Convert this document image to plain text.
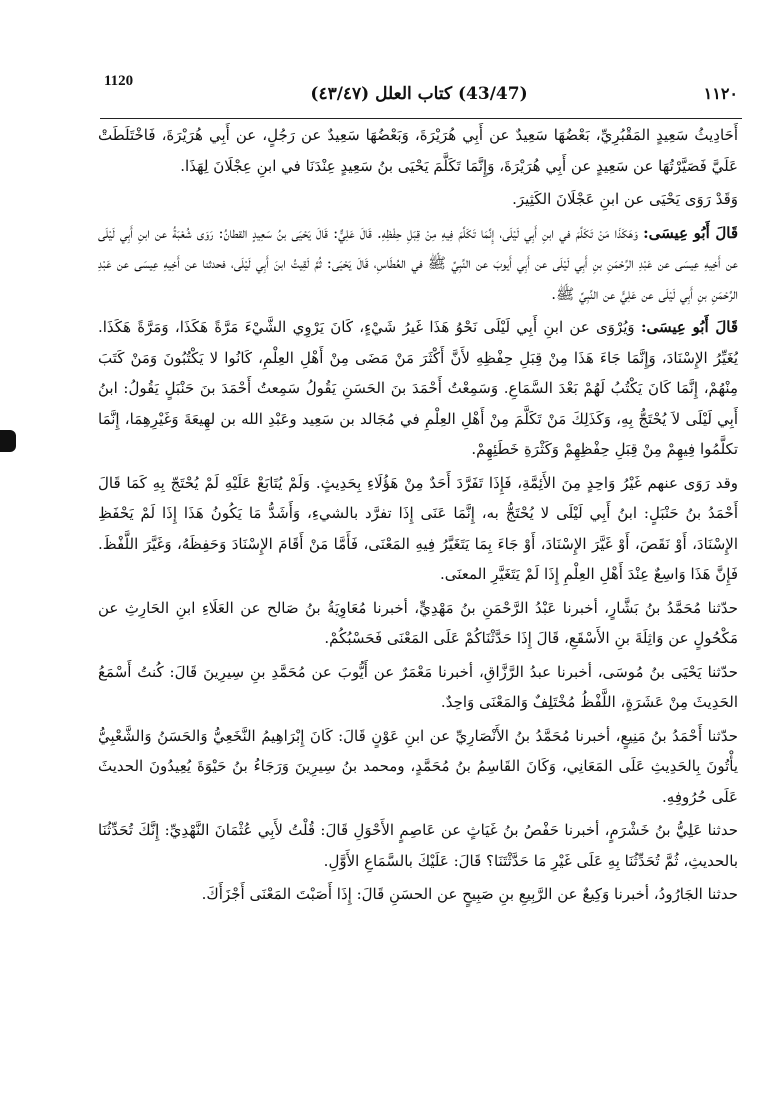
1120
(43/47) كتاب العلل (٤٣/٤٧)	١١٢٠

أَحَادِيثُ سَعِيدٍ المَقْبُرِيِّ، بَعْضُهَا سَعِيدٌ عن أَبِي هُرَيْرَةَ، وَبَعْضُهَا سَعِيدٌ عن رَجُلٍ، عن أَبِي هُرَيْرَةَ، فَاخْتَلَطَتْ عَلَيَّ فَصَيَّرْتُهَا عن سَعِيدٍ عن أَبِي هُرَيْرَةَ، وَإِنَّمَا تَكَلَّمَ يَحْيَى بنُ سَعِيدٍ عِنْدَنَا في ابنِ عِجْلَانَ لِهَذَا.

وَقَدْ رَوَى يَحْيَى عن ابنِ عَجْلَانَ الكَثِيرَ.

قَالَ أَبُو عِيسَى: وَهَكَذَا مَنْ تَكَلَّمَ في ابنِ أَبِي لَيْلَى، إِنَّمَا تَكَلَّمَ فِيهِ مِنْ قِبَلِ حِفْظِهِ. قَالَ عَلِيٌّ: قَالَ يَحْيَى بنُ سَعِيدٍ القطانُ: رَوَى شُعْبَةُ عن ابنِ أَبِي لَيْلَى عن أَخِيهِ عِيسَى عن عَبْدِ الرَّحْمَنِ بنِ أَبِي لَيْلَى عن أَبِي أَيوبَ عن النَّبِيِّ ﷺ في العُطَاسِ، قَالَ يَحْيَى: ثُمَّ لَقِيتُ ابنَ أَبِي لَيْلَى، فحدثنا عن أَخِيهِ عِيسَى عن عَبْدِ الرَّحْمَنِ بنِ أَبِي لَيْلَى عن عَلِيٍّ عن النَّبِيِّ ﷺ.

قَالَ أَبُو عِيسَى: وَيُرْوَى عن ابنِ أَبِي لَيْلَى نَحْوُ هَذَا غَيرُ شَيْءٍ، كَانَ يَرْوِي الشَّيْءَ مَرَّةً هَكَذَا، وَمَرَّةً هَكَذَا. يُغَيِّرُ الإِسْنَادَ، وَإِنَّمَا جَاءَ هَذَا مِنْ قِبَلِ حِفْظِهِ لأَنَّ أَكْثَرَ مَنْ مَضَى مِنْ أَهْلِ العِلْمِ، كَانُوا لا يَكْتُبُونَ وَمَنْ كَتَبَ مِنْهُمْ، إِنَّمَا كَانَ يَكْتُبُ لَهُمْ بَعْدَ السَّمَاعِ. وَسَمِعْتُ أَحْمَدَ بنَ الحَسَنِ يَقُولُ سَمِعتُ أَحْمَدَ بنَ حَنْبَلٍ يَقُولُ: ابنُ أَبِي لَيْلَى لاَ يُحْتَجُّ بِهِ، وَكَذَلِكَ مَنْ تَكَلَّمَ مِنْ أَهْلِ العِلْمِ في مُجَالد بن سَعِيد وعَبْدِ الله بن لهِيعَةَ وَغَيْرِهِمَا، إِنَّمَا تكلَّمُوا فِيهِمْ مِنْ قِبَلِ حِفْظِهِمْ وَكَثْرَةِ خَطَئِهِمْ.

وقد رَوَى عنهم غَيْرُ وَاحِدٍ مِنَ الأَئِمَّةِ، فَإِذَا تَفَرَّدَ أَحَدٌ مِنْ هَؤُلَاءِ بِحَدِيثٍ. وَلَمْ يُتَابَعْ عَلَيْهِ لَمْ يُحْتَجّ بِهِ كَمَا قَالَ أَحْمَدُ بنُ حَنْبَلٍ: ابنُ أَبِي لَيْلَى لا يُحْتَجُّ به، إِنَّمَا عَنَى إِذَا تفرَّد بالشيءِ، وَأَشَدُّ مَا يَكُونُ هَذَا إِذَا لَمْ يَحْفَظِ الإِسْنَادَ، أَوْ نَقَصَ، أَوْ غَيَّرَ الإِسْنَادَ، أَوْ جَاءَ بِمَا يَتَغَيَّرُ فِيهِ المَعْنَى، فَأَمَّا مَنْ أَقَامَ الإِسْنَادَ وَحَفِظَهُ، وَغَيَّرَ اللَّفْظَ. فَإِنَّ هَذَا وَاسِعٌ عِنْدَ أَهْلِ العِلْمِ إِذَا لَمْ يَتَغَيَّرِ المعنَى.

حدّثنا مُحَمَّدُ بنُ بَشَّارٍ، أخبرنا عَبْدُ الرَّحْمَنِ بنُ مَهْدِيٍّ، أخبرنا مُعَاوِيَةُ بنُ صَالح عن العَلَاءِ ابنِ الحَارِثِ عن مَكْحُولٍ عن وَاثِلَةَ بنِ الأَسْقَعِ، قَالَ إِذَا حَدَّثْنَاكُمْ عَلَى المَعْنَى فَحَسْبُكُمْ.

حدّثنا يَحْيَى بنُ مُوسَى، أخبرنا عبدُ الرَّزَّاقِ، أخبرنا مَعْمَرٌ عن أَيُّوبَ عن مُحَمَّدِ بنِ سِيرِينَ قَالَ: كُنتُ أَسْمَعُ الحَدِيثَ مِنْ عَشَرَةٍ، اللَّفْظُ مُخْتَلِفٌ وَالمَعْنَى وَاحِدٌ.

حدّثنا أَحْمَدُ بنُ مَنِيعٍ، أخبرنا مُحَمَّدُ بنُ الأَنْصَارِيِّ عن ابنِ عَوْنٍ قَالَ: كَانَ إِبْرَاهِيمُ النَّخَعِيُّ وَالحَسَنُ وَالشَّعْبِيُّ يأْتُونَ بِالحَدِيثِ عَلَى المَعَانِي، وَكَانَ القَاسِمُ بنُ مُحَمَّدٍ، ومحمد بنُ سِيرِينَ وَرَجَاءُ بنُ حَيْوَةَ يُعِيدُونَ الحديثَ عَلَى حُرُوفِهِ.

حدثنا عَلِيُّ بنُ خَشْرَمٍ، أخبرنا حَفْصُ بنُ غَيَاثٍ عن عَاصِمٍ الأَحْوَلِ قَالَ: قُلْتُ لأَبِي عُثْمَانَ النَّهْدِيِّ: إِنَّكَ تُحَدِّثُنَا بالحديثِ، ثُمَّ تُحَدِّثُنَا بِهِ عَلَى غَيْرِ مَا حَدَّثْتَنَا؟ قَالَ: عَلَيْكَ بالسَّمَاعِ الأَوَّلِ.

حدثنا الجَارُودُ، أخبرنا وَكِيعٌ عن الرَّبِيعِ بنِ صَبِيحٍ عن الحسَنِ قَالَ: إِذَا أَصَبْتَ المَعْنَى أَجْزَأَكَ.
